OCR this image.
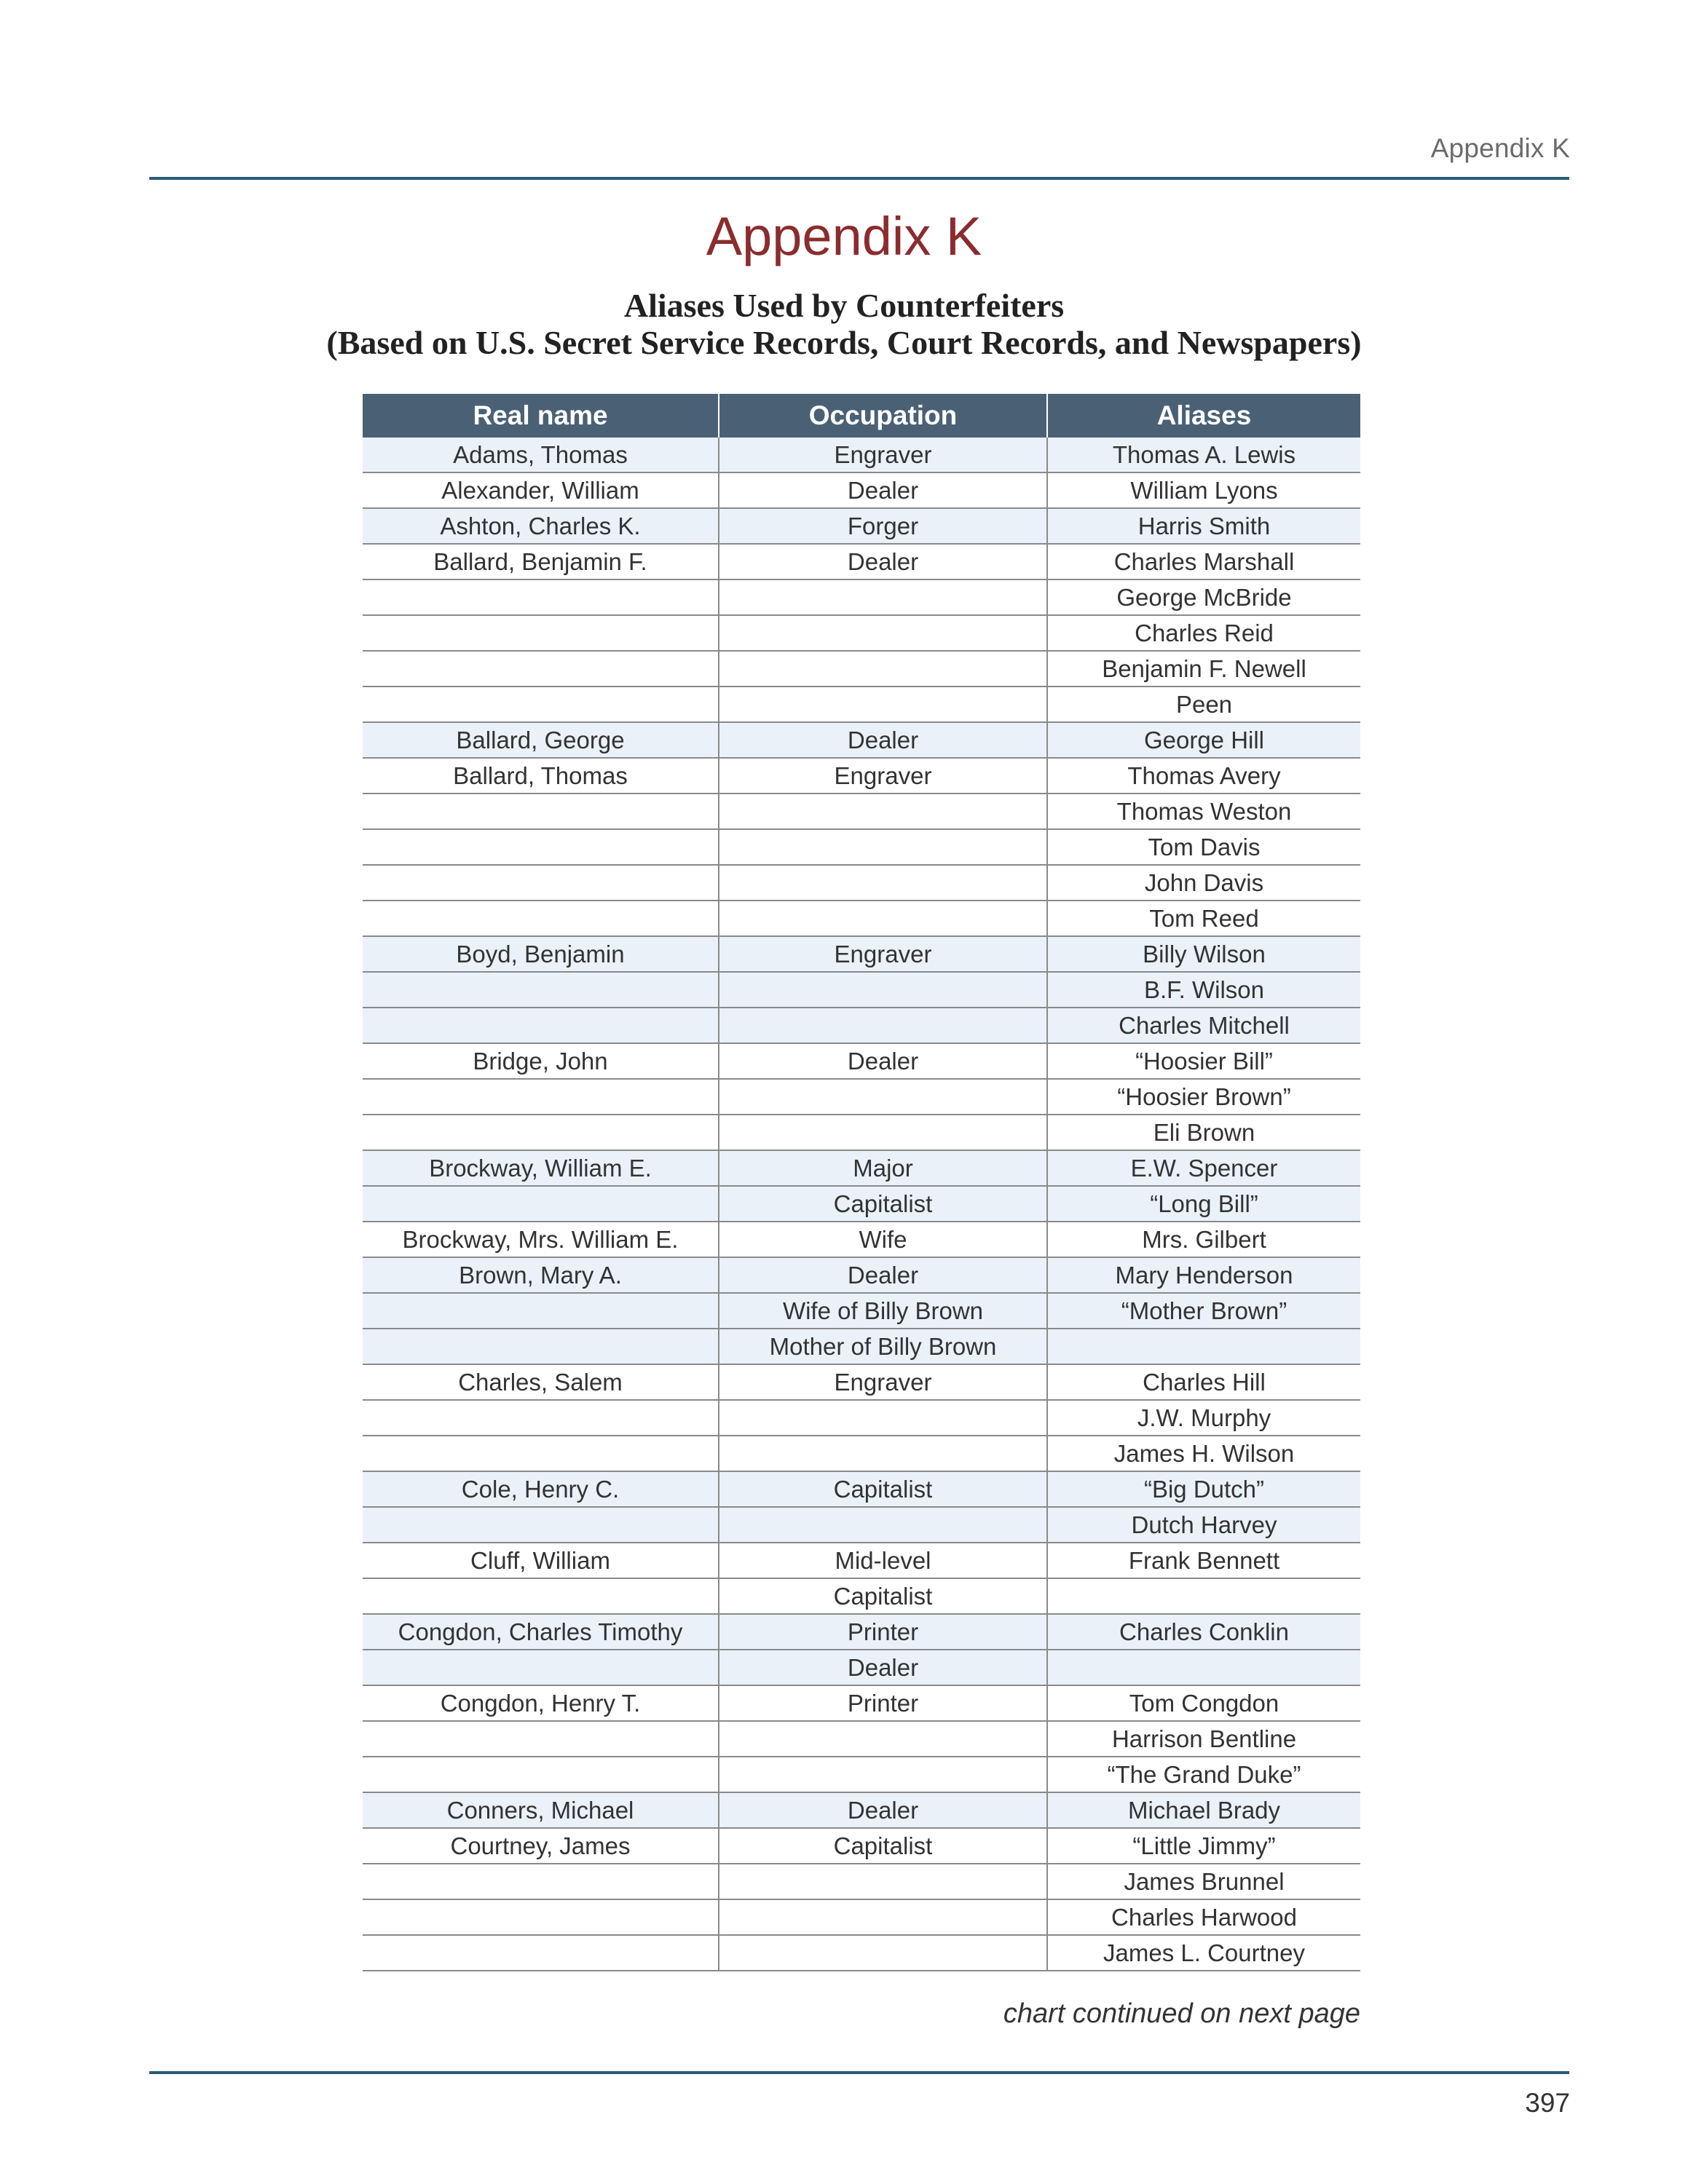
Appendix K
Appendix K
Aliases Used by Counterfeiters
(Based on U.S. Secret Service Records, Court Records, and Newspapers)
Real name	Occupation	Aliases
Adams, Thomas	Engraver	Thomas A. Lewis
Alexander, William	Dealer	William Lyons
Ashton, Charles K.	Forger	Harris Smith
Ballard, Benjamin F.	Dealer	Charles Marshall
		George McBride
		Charles Reid
		Benjamin F. Newell
		Peen
Ballard, George	Dealer	George Hill
Ballard, Thomas	Engraver	Thomas Avery
		Thomas Weston
		Tom Davis
		John Davis
		Tom Reed
Boyd, Benjamin	Engraver	Billy Wilson
		B.F. Wilson
		Charles Mitchell
Bridge, John	Dealer	“Hoosier Bill”
		“Hoosier Brown”
		Eli Brown
Brockway, William E.	Major	E.W. Spencer
	Capitalist	“Long Bill”
Brockway, Mrs. William E.	Wife	Mrs. Gilbert
Brown, Mary A.	Dealer	Mary Henderson
	Wife of Billy Brown	“Mother Brown”
	Mother of Billy Brown	
Charles, Salem	Engraver	Charles Hill
		J.W. Murphy
		James H. Wilson
Cole, Henry C.	Capitalist	“Big Dutch”
		Dutch Harvey
Cluff, William	Mid-level	Frank Bennett
	Capitalist	
Congdon, Charles Timothy	Printer	Charles Conklin
	Dealer	
Congdon, Henry T.	Printer	Tom Congdon
		Harrison Bentline
		“The Grand Duke”
Conners, Michael	Dealer	Michael Brady
Courtney, James	Capitalist	“Little Jimmy”
		James Brunnel
		Charles Harwood
		James L. Courtney
chart continued on next page
397
